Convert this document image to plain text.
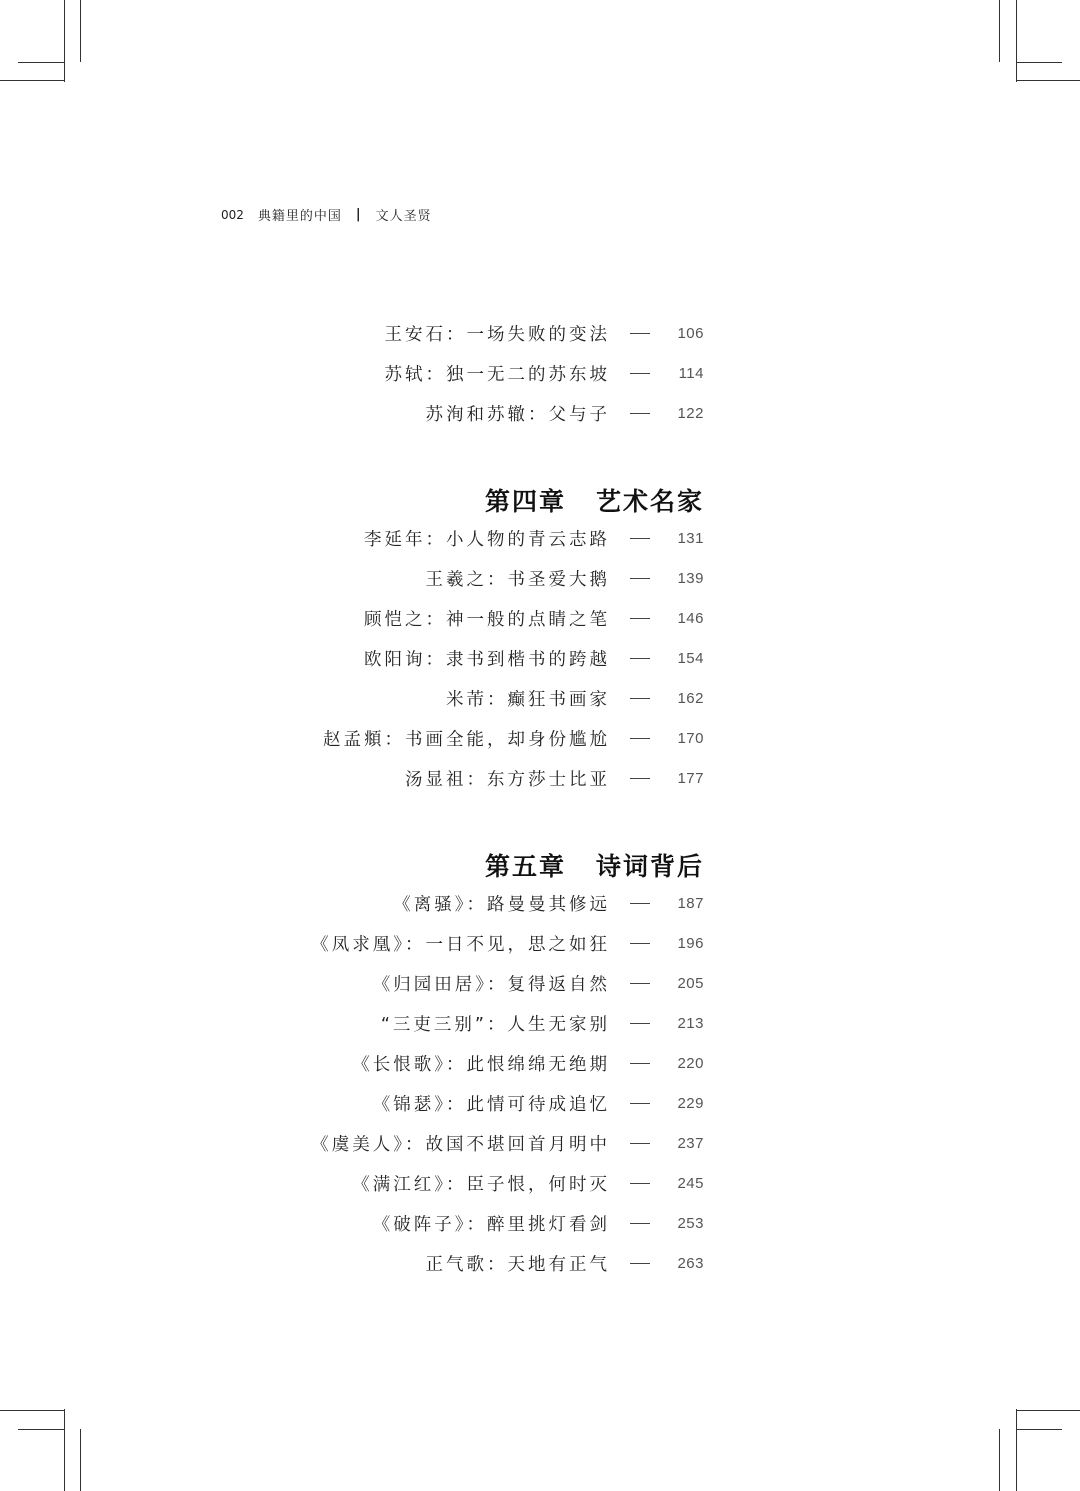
002 典籍里的中国 | 文人圣贤
王安石：一场失败的变法	106
苏轼：独一无二的苏东坡	114
苏洵和苏辙：父与子	122
第四章 艺术名家
李延年：小人物的青云志路	131
王羲之：书圣爱大鹅	139
顾恺之：神一般的点睛之笔	146
欧阳询：隶书到楷书的跨越	154
米芾：癫狂书画家	162
赵孟頫：书画全能，却身份尴尬	170
汤显祖：东方莎士比亚	177
第五章 诗词背后
《离骚》：路曼曼其修远	187
《凤求凰》：一日不见，思之如狂	196
《归园田居》：复得返自然	205
“三吏三别”：人生无家别	213
《长恨歌》：此恨绵绵无绝期	220
《锦瑟》：此情可待成追忆	229
《虞美人》：故国不堪回首月明中	237
《满江红》：臣子恨，何时灭	245
《破阵子》：醉里挑灯看剑	253
正气歌：天地有正气	263
